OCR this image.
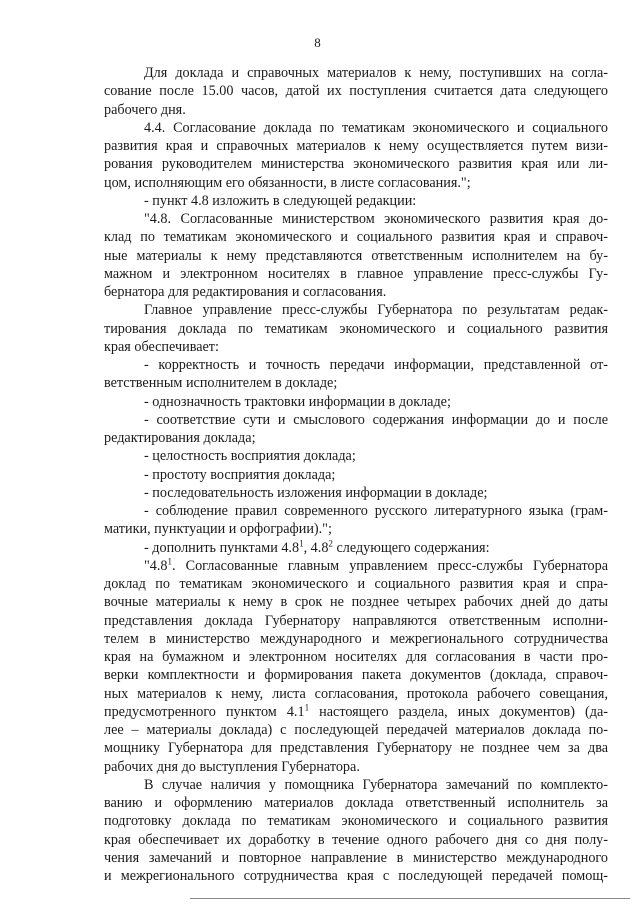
8
Для доклада и справочных материалов к нему, поступивших на согла-
сование после 15.00 часов, датой их поступления считается дата следующего
рабочего дня.
4.4. Согласование доклада по тематикам экономического и социального
развития края и справочных материалов к нему осуществляется путем визи-
рования руководителем министерства экономического развития края или ли-
цом, исполняющим его обязанности, в листе согласования.";
- пункт 4.8 изложить в следующей редакции:
"4.8. Согласованные министерством экономического развития края до-
клад по тематикам экономического и социального развития края и справоч-
ные материалы к нему представляются ответственным исполнителем на бу-
мажном и электронном носителях в главное управление пресс-службы Гу-
бернатора для редактирования и согласования.
Главное управление пресс-службы Губернатора по результатам редак-
тирования доклада по тематикам экономического и социального развития
края обеспечивает:
- корректность и точность передачи информации, представленной от-
ветственным исполнителем в докладе;
- однозначность трактовки информации в докладе;
- соответствие сути и смыслового содержания информации до и после
редактирования доклада;
- целостность восприятия доклада;
- простоту восприятия доклада;
- последовательность изложения информации в докладе;
- соблюдение правил современного русского литературного языка (грам-
матики, пунктуации и орфографии).";
- дополнить пунктами $4.8^1$, $4.8^2$ следующего содержания:
"$4.8^1$. Согласованные главным управлением пресс-службы Губернатора
доклад по тематикам экономического и социального развития края и спра-
вочные материалы к нему в срок не позднее четырех рабочих дней до даты
представления доклада Губернатору направляются ответственным исполни-
телем в министерство международного и межрегионального сотрудничества
края на бумажном и электронном носителях для согласования в части про-
верки комплектности и формирования пакета документов (доклада, справоч-
ных материалов к нему, листа согласования, протокола рабочего совещания,
предусмотренного пунктом $4.1^1$ настоящего раздела, иных документов) (да-
лее – материалы доклада) с последующей передачей материалов доклада по-
мощнику Губернатора для представления Губернатору не позднее чем за два
рабочих дня до выступления Губернатора.
В случае наличия у помощника Губернатора замечаний по комплекто-
ванию и оформлению материалов доклада ответственный исполнитель за
подготовку доклада по тематикам экономического и социального развития
края обеспечивает их доработку в течение одного рабочего дня со дня полу-
чения замечаний и повторное направление в министерство международного
и межрегионального сотрудничества края с последующей передачей помощ-
